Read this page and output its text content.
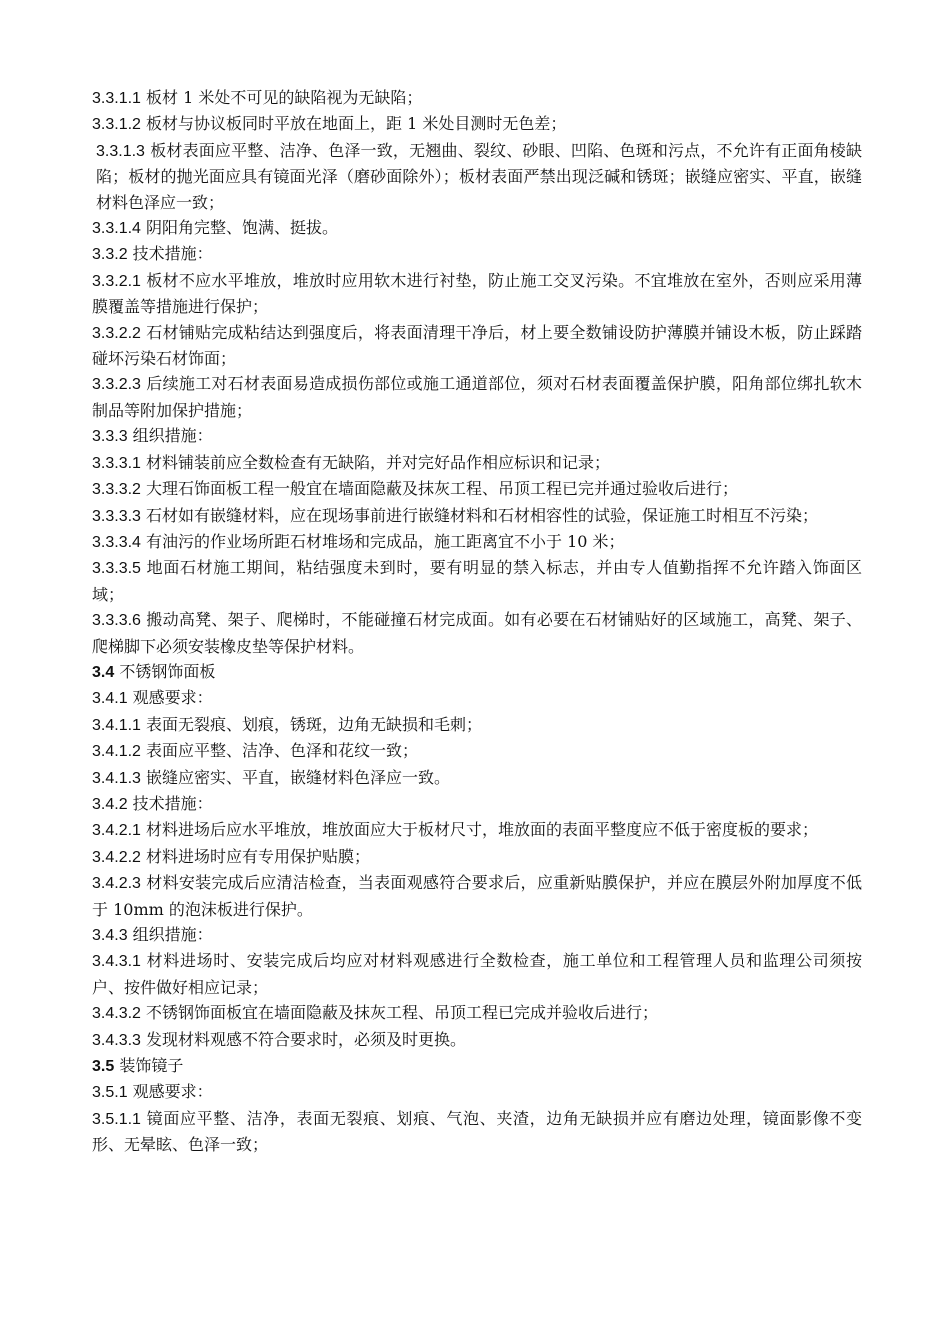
3.3.1.1 板材 1 米处不可见的缺陷视为无缺陷；

3.3.1.2 板材与协议板同时平放在地面上，距 1 米处目测时无色差；

3.3.1.3 板材表面应平整、洁净、色泽一致，无翘曲、裂纹、砂眼、凹陷、色斑和污点，不允许有正面角棱缺陷；板材的抛光面应具有镜面光泽（磨砂面除外）；板材表面严禁出现泛碱和锈斑；嵌缝应密实、平直，嵌缝材料色泽应一致；

3.3.1.4 阴阳角完整、饱满、挺拔。

3.3.2 技术措施：

3.3.2.1 板材不应水平堆放，堆放时应用软木进行衬垫，防止施工交叉污染。不宜堆放在室外，否则应采用薄膜覆盖等措施进行保护；

3.3.2.2 石材铺贴完成粘结达到强度后，将表面清理干净后，材上要全数铺设防护薄膜并铺设木板，防止踩踏碰坏污染石材饰面；

3.3.2.3 后续施工对石材表面易造成损伤部位或施工通道部位，须对石材表面覆盖保护膜，阳角部位绑扎软木制品等附加保护措施；

3.3.3 组织措施：

3.3.3.1 材料铺装前应全数检查有无缺陷，并对完好品作相应标识和记录；

3.3.3.2 大理石饰面板工程一般宜在墙面隐蔽及抹灰工程、吊顶工程已完并通过验收后进行；

3.3.3.3 石材如有嵌缝材料，应在现场事前进行嵌缝材料和石材相容性的试验，保证施工时相互不污染；

3.3.3.4 有油污的作业场所距石材堆场和完成品，施工距离宜不小于 10 米；

3.3.3.5 地面石材施工期间，粘结强度未到时，要有明显的禁入标志，并由专人值勤指挥不允许踏入饰面区域；

3.3.3.6 搬动高凳、架子、爬梯时，不能碰撞石材完成面。如有必要在石材铺贴好的区域施工，高凳、架子、爬梯脚下必须安装橡皮垫等保护材料。

3.4 不锈钢饰面板

3.4.1 观感要求：

3.4.1.1 表面无裂痕、划痕，锈斑，边角无缺损和毛刺；

3.4.1.2 表面应平整、洁净、色泽和花纹一致；

3.4.1.3 嵌缝应密实、平直，嵌缝材料色泽应一致。

3.4.2 技术措施：

3.4.2.1 材料进场后应水平堆放，堆放面应大于板材尺寸，堆放面的表面平整度应不低于密度板的要求；

3.4.2.2 材料进场时应有专用保护贴膜；

3.4.2.3 材料安装完成后应清洁检查，当表面观感符合要求后，应重新贴膜保护，并应在膜层外附加厚度不低于 10mm 的泡沫板进行保护。

3.4.3 组织措施：

3.4.3.1 材料进场时、安装完成后均应对材料观感进行全数检查，施工单位和工程管理人员和监理公司须按户、按件做好相应记录；

3.4.3.2 不锈钢饰面板宜在墙面隐蔽及抹灰工程、吊顶工程已完成并验收后进行；

3.4.3.3 发现材料观感不符合要求时，必须及时更换。

3.5 装饰镜子

3.5.1 观感要求：

3.5.1.1 镜面应平整、洁净，表面无裂痕、划痕、气泡、夹渣，边角无缺损并应有磨边处理，镜面影像不变形、无晕眩、色泽一致；
